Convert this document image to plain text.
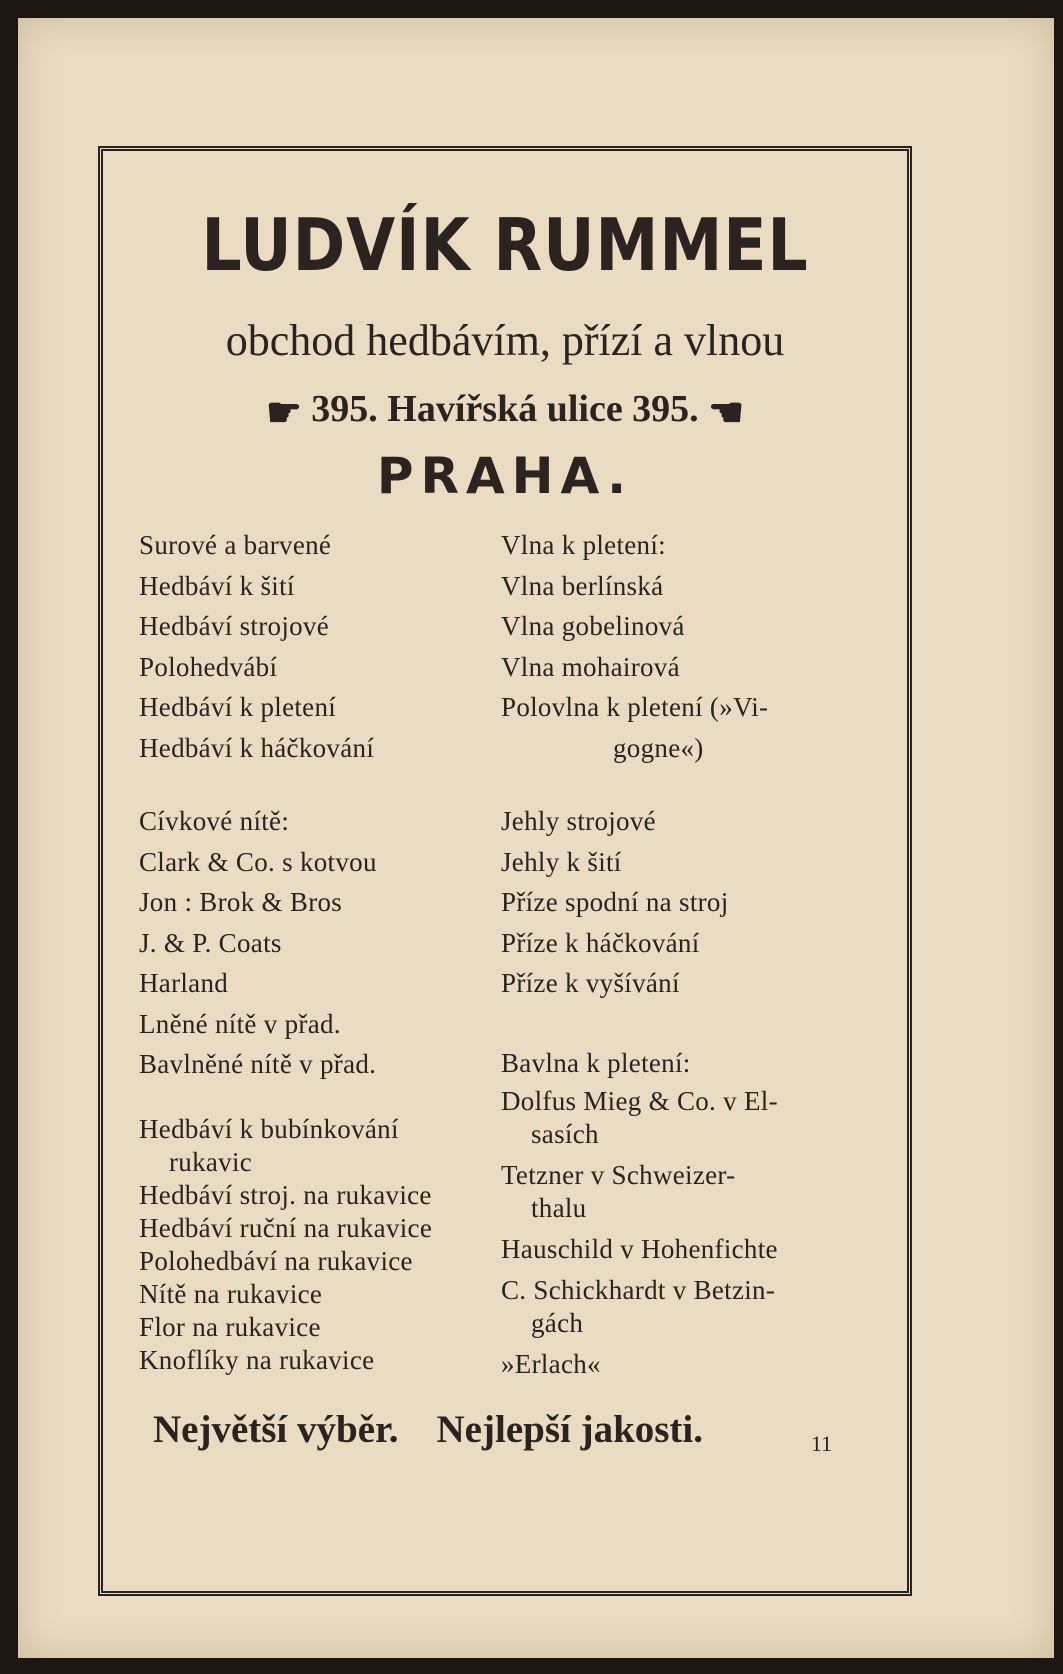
LUDVÍK RUMMEL
obchod hedbávím, přízí a vlnou
☛ 395. Havířská ulice 395. ☚
PRAHA.
Surové a barvené
Hedbáví k šití
Hedbáví strojové
Polohedvábí
Hedbáví k pletení
Hedbáví k háčkování
Cívkové nítě:
Clark & Co. s kotvou
Jon : Brok & Bros
J. & P. Coats
Harland
Lněné nítě v přad.
Bavlněné nítě v přad.
Hedbáví k bubínkování
rukavic
Hedbáví stroj. na rukavice
Hedbáví ruční na rukavice
Polohedbáví na rukavice
Nítě na rukavice
Flor na rukavice
Knoflíky na rukavice
Vlna k pletení:
Vlna berlínská
Vlna gobelinová
Vlna mohairová
Polovlna k pletení (»Vi-
gogne«)
Jehly strojové
Jehly k šití
Příze spodní na stroj
Příze k háčkování
Příze k vyšívání
Bavlna k pletení:
Dolfus Mieg & Co. v El-
sasích
Tetzner v Schweizer-
thalu
Hauschild v Hohenfichte
C. Schickhardt v Betzin-
gách
»Erlach«
Největší výběr. Nejlepší jakosti.	11
